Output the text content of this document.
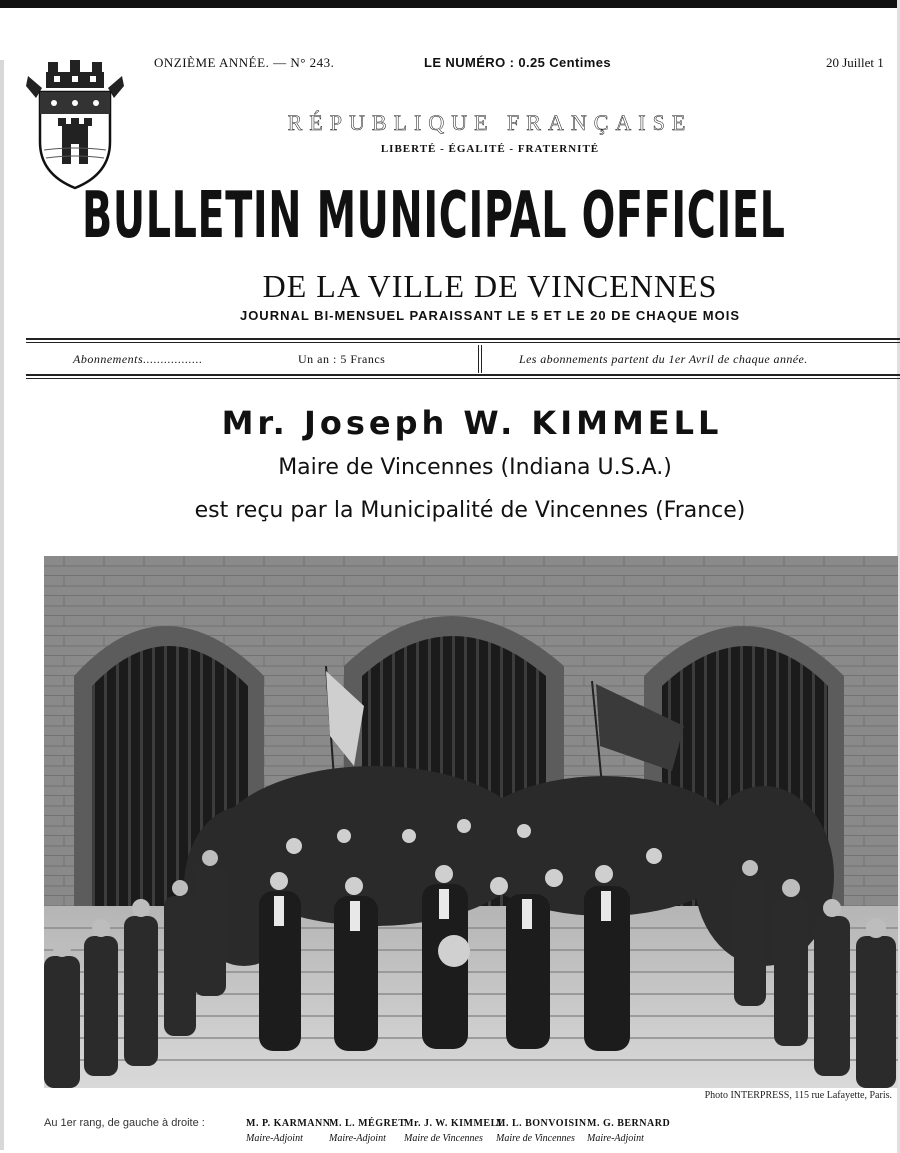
ONZIÈME ANNÉE. — N° 243.	LE NUMÉRO : 0.25 Centimes	20 Juillet 1
RÉPUBLIQUE FRANÇAISE
LIBERTÉ - ÉGALITÉ - FRATERNITÉ
BULLETIN MUNICIPAL OFFICIEL
DE LA VILLE DE VINCENNES
JOURNAL BI-MENSUEL PARAISSANT LE 5 ET LE 20 DE CHAQUE MOIS
Abonnements.................	Un an : 5 Francs	Les abonnements partent du 1er Avril de chaque année.
Mr. Joseph W. KIMMELL
Maire de Vincennes (Indiana U.S.A.)
est reçu par la Municipalité de Vincennes (France)
Photo INTERPRESS, 115 rue Lafayette, Paris.
Au 1er rang, de gauche à droite :	M. P. KARMANN
Maire-Adjoint
M. L. MÉGRET
Maire-Adjoint
Mr. J. W. KIMMELL
Maire de Vincennes
M. L. BONVOISIN
Maire de Vincennes
M. G. BERNARD
Maire-Adjoint
